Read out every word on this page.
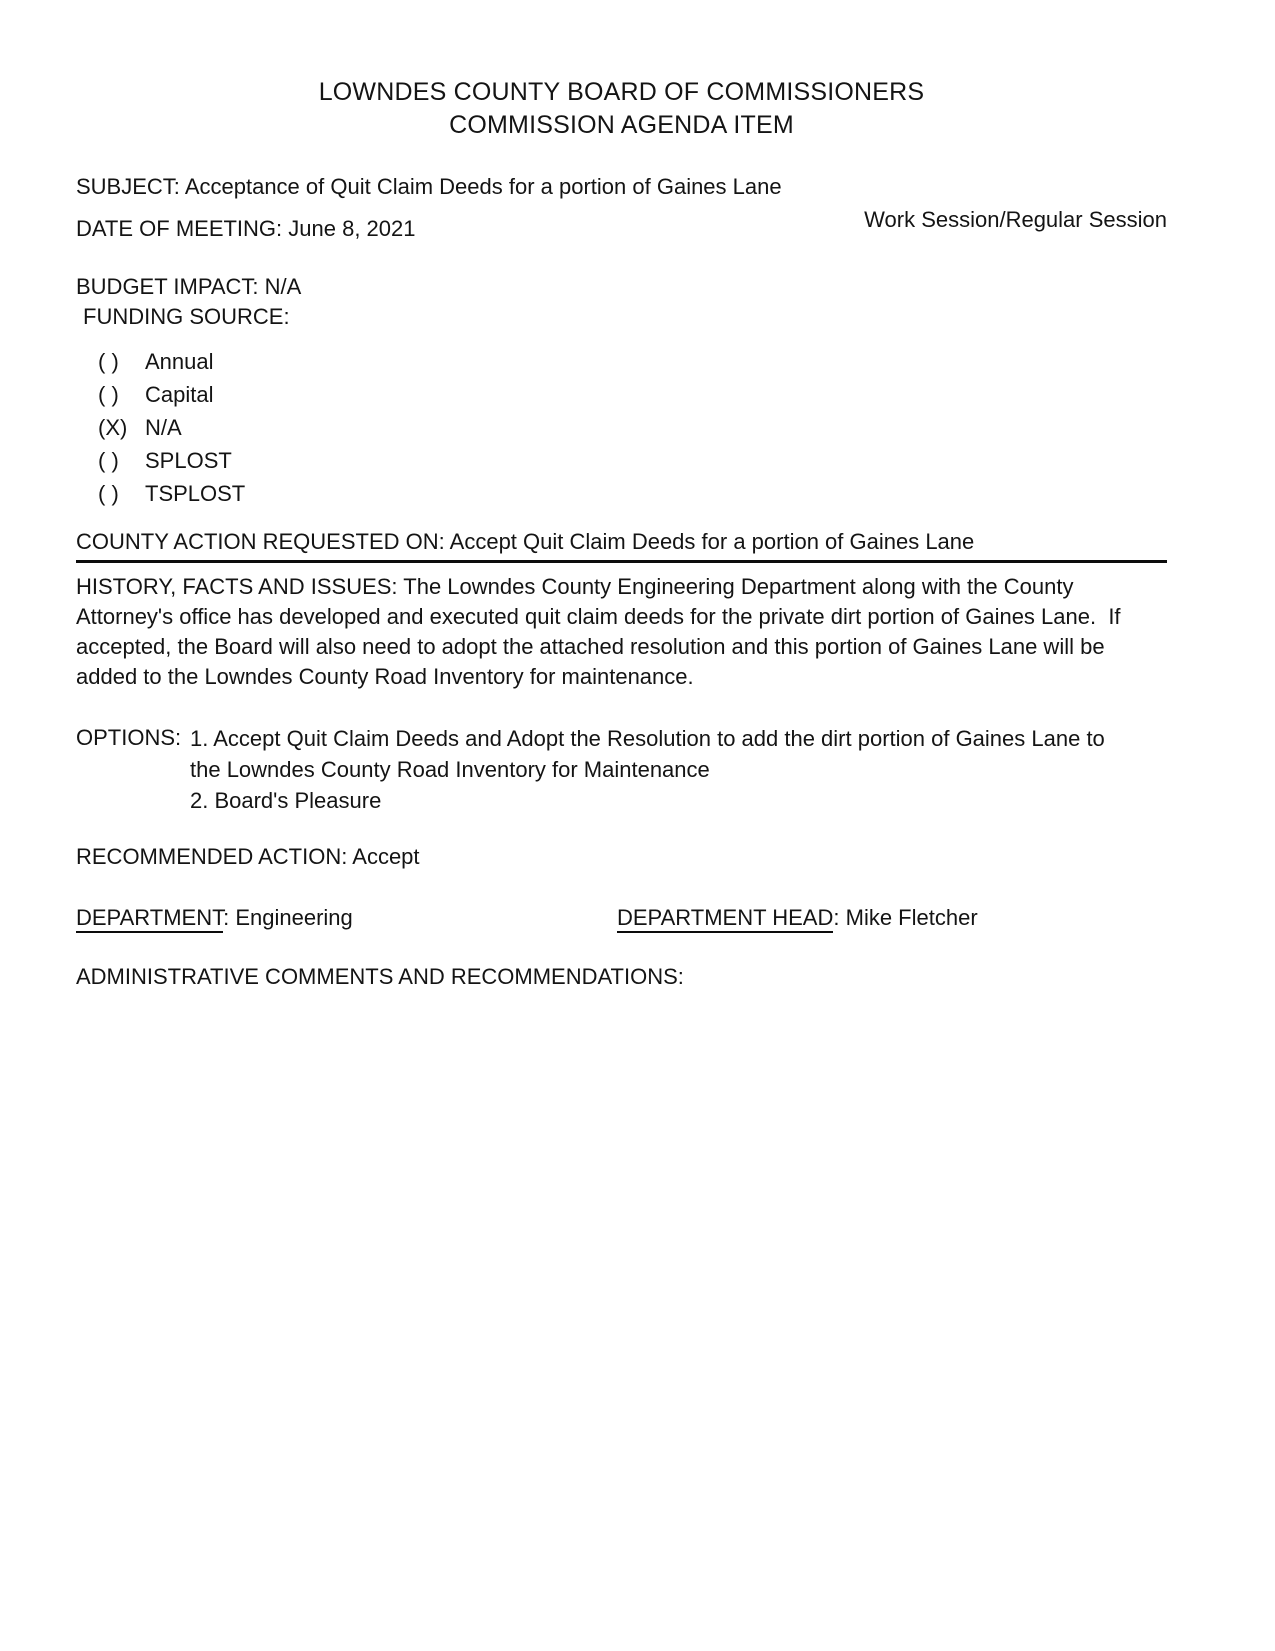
LOWNDES COUNTY BOARD OF COMMISSIONERS
COMMISSION AGENDA ITEM
SUBJECT: Acceptance of Quit Claim Deeds for a portion of Gaines Lane
DATE OF MEETING: June 8, 2021	Work Session/Regular Session
BUDGET IMPACT: N/A
FUNDING SOURCE:
( )	Annual
( )	Capital
(X) N/A
( )	SPLOST
( )	TSPLOST
COUNTY ACTION REQUESTED ON: Accept Quit Claim Deeds for a portion of Gaines Lane

HISTORY, FACTS AND ISSUES: The Lowndes County Engineering Department along with the County Attorney's office has developed and executed quit claim deeds for the private dirt portion of Gaines Lane.  If accepted, the Board will also need to adopt the attached resolution and this portion of Gaines Lane will be added to the Lowndes County Road Inventory for maintenance.

OPTIONS: 1. Accept Quit Claim Deeds and Adopt the Resolution to add the dirt portion of Gaines Lane to the Lowndes County Road Inventory for Maintenance
2. Board's Pleasure
RECOMMENDED ACTION: Accept
DEPARTMENT: Engineering	DEPARTMENT HEAD: Mike Fletcher
ADMINISTRATIVE COMMENTS AND RECOMMENDATIONS:
